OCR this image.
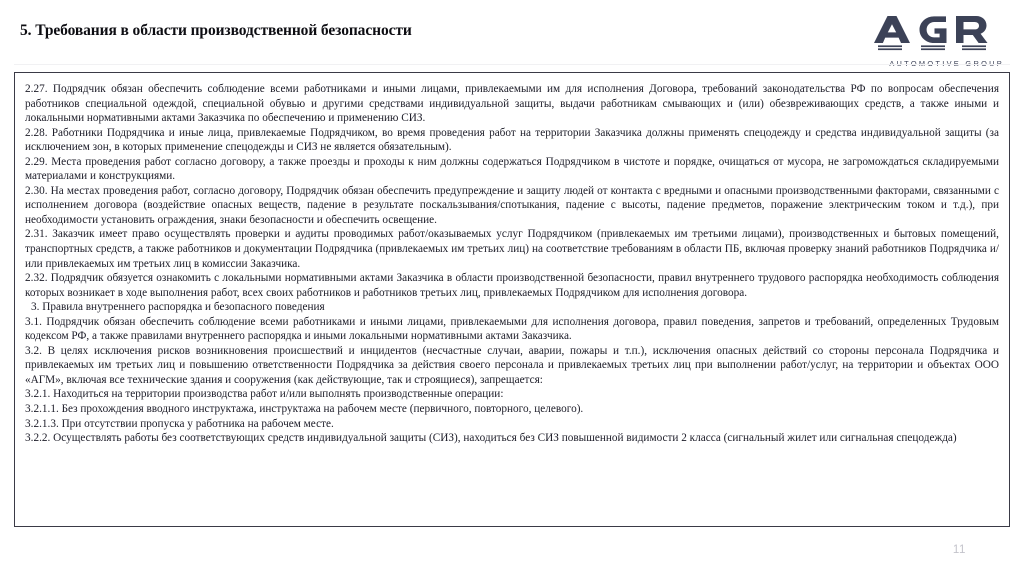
5. Требования в области производственной безопасности
2.27. Подрядчик обязан обеспечить соблюдение всеми работниками и иными лицами, привлекаемыми им для исполнения Договора, требований законодательства РФ по вопросам обеспечения работников специальной одеждой, специальной обувью и другими средствами индивидуальной защиты, выдачи работникам смывающих и (или) обезвреживающих средств, а также иными и локальными нормативными актами Заказчика по обеспечению и применению СИЗ.
2.28. Работники Подрядчика и иные лица, привлекаемые Подрядчиком, во время проведения работ на территории Заказчика должны применять спецодежду и средства индивидуальной защиты (за исключением зон, в которых применение спецодежды и СИЗ не является обязательным).
2.29. Места проведения работ согласно договору, а также проезды и проходы к ним должны содержаться Подрядчиком в чистоте и порядке, очищаться от мусора, не загромождаться складируемыми материалами и конструкциями.
2.30. На местах проведения работ, согласно договору, Подрядчик обязан обеспечить предупреждение и защиту людей от контакта с вредными и опасными производственными факторами, связанными с исполнением договора (воздействие опасных веществ, падение в результате поскальзывания/спотыкания, падение с высоты, падение предметов, поражение электрическим током и т.д.), при необходимости установить ограждения, знаки безопасности и обеспечить освещение.
2.31. Заказчик имеет право осуществлять проверки и аудиты проводимых работ/оказываемых услуг Подрядчиком (привлекаемых им третьими лицами), производственных и бытовых помещений, транспортных средств, а также работников и документации Подрядчика (привлекаемых им третьих лиц) на соответствие требованиям в области ПБ, включая проверку знаний работников Подрядчика и/или привлекаемых им третьих лиц в комиссии Заказчика.
2.32. Подрядчик обязуется ознакомить с локальными нормативными актами Заказчика в области производственной безопасности, правил внутреннего трудового распорядка необходимость соблюдения которых возникает в ходе выполнения работ, всех своих работников и работников третьих лиц, привлекаемых Подрядчиком для исполнения договора.
3. Правила внутреннего распорядка и безопасного поведения
3.1. Подрядчик обязан обеспечить соблюдение всеми работниками и иными лицами, привлекаемыми для исполнения договора, правил поведения, запретов и требований, определенных Трудовым кодексом РФ, а также правилами внутреннего распорядка и иными локальными нормативными актами Заказчика.
3.2. В целях исключения рисков возникновения происшествий и инцидентов (несчастные случаи, аварии, пожары и т.п.), исключения опасных действий со стороны персонала Подрядчика и привлекаемых им третьих лиц и повышению ответственности Подрядчика за действия своего персонала и привлекаемых третьих лиц при выполнении работ/услуг, на территории и объектах ООО «АГМ», включая все технические здания и сооружения (как действующие, так и строящиеся), запрещается:
3.2.1. Находиться на территории производства работ и/или выполнять производственные операции:
3.2.1.1. Без прохождения вводного инструктажа, инструктажа на рабочем месте (первичного, повторного, целевого).
3.2.1.3. При отсутствии пропуска у работника на рабочем месте.
3.2.2. Осуществлять работы без соответствующих средств индивидуальной защиты (СИЗ), находиться без СИЗ повышенной видимости 2 класса (сигнальный жилет или сигнальная спецодежда)
11
